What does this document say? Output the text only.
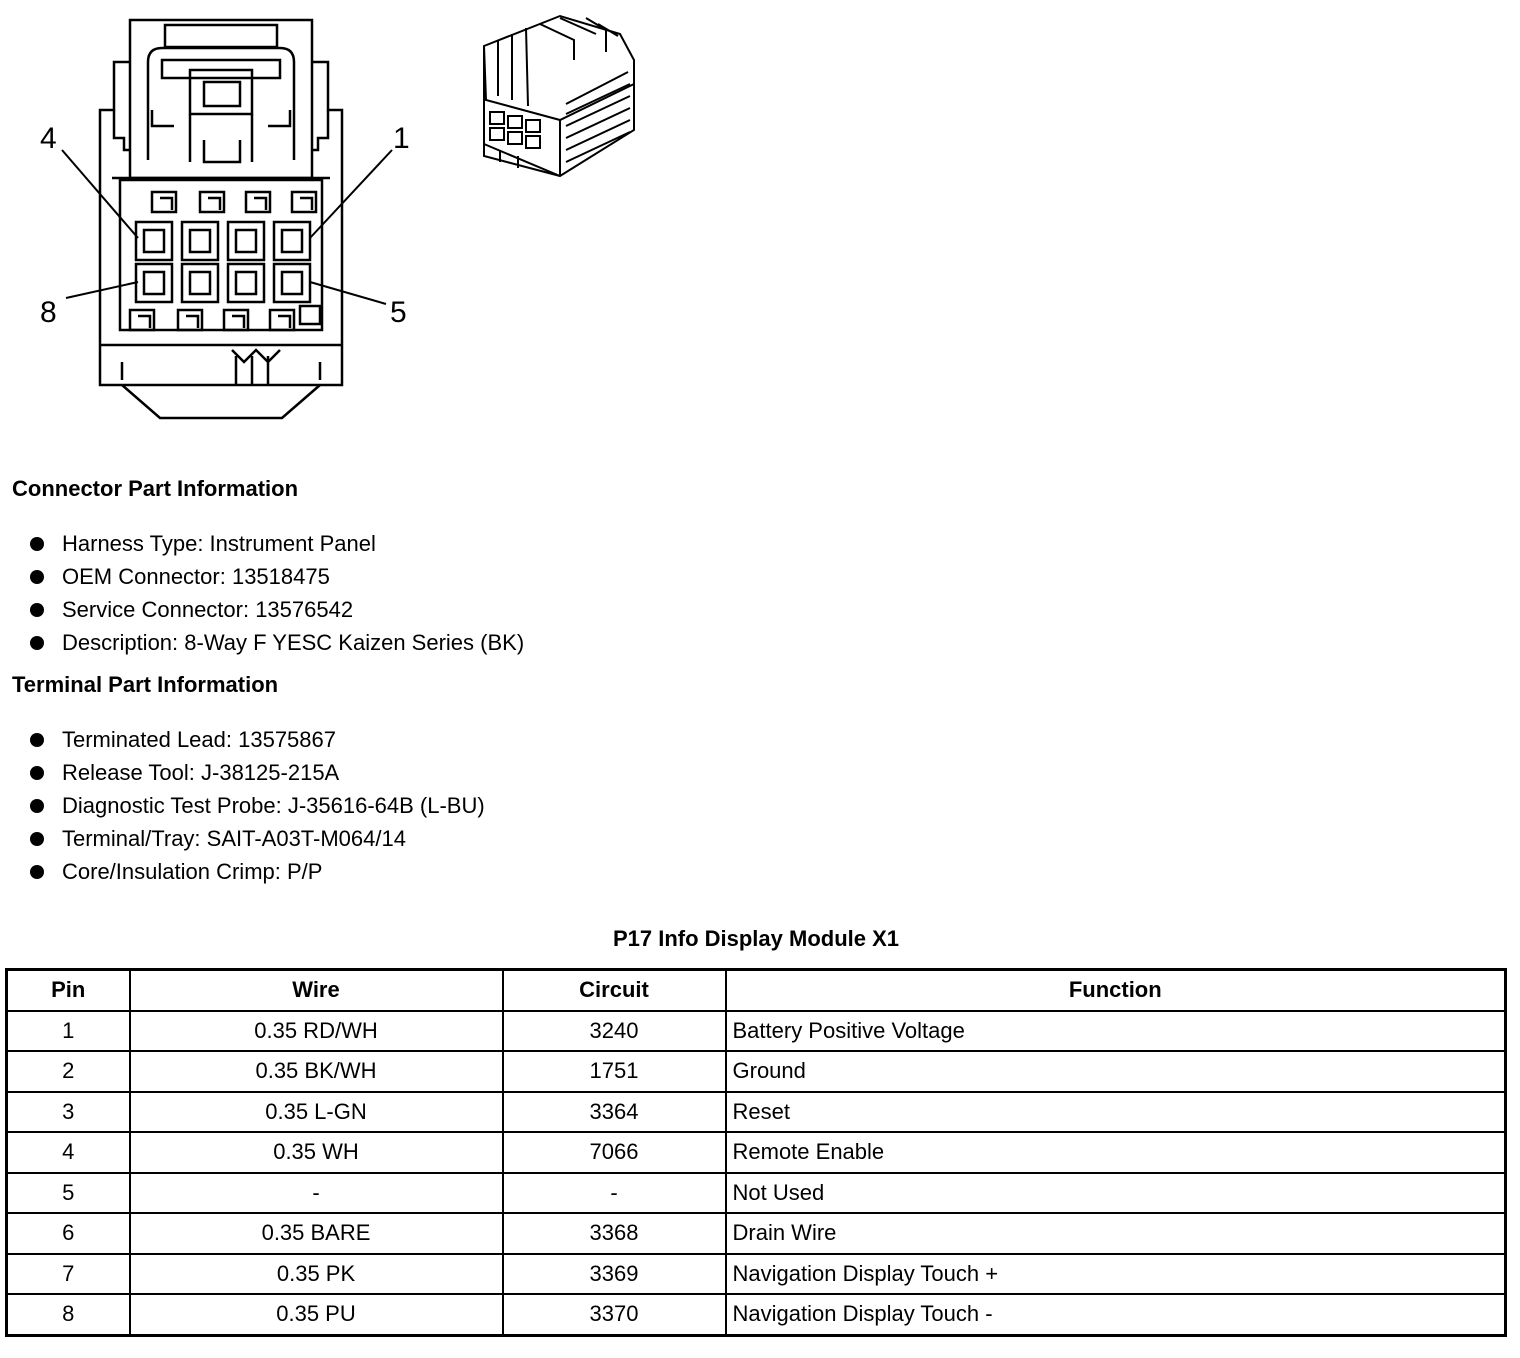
4	1
8	5
Connector Part Information
Harness Type: Instrument Panel
OEM Connector: 13518475
Service Connector: 13576542
Description: 8-Way F YESC Kaizen Series (BK)
Terminal Part Information
Terminated Lead: 13575867
Release Tool: J-38125-215A
Diagnostic Test Probe: J-35616-64B (L-BU)
Terminal/Tray: SAIT-A03T-M064/14
Core/Insulation Crimp: P/P
P17 Info Display Module X1
Pin	Wire	Circuit	Function
1	0.35 RD/WH	3240	Battery Positive Voltage
2	0.35 BK/WH	1751	Ground
3	0.35 L-GN	3364	Reset
4	0.35 WH	7066	Remote Enable
5	-	-	Not Used
6	0.35 BARE	3368	Drain Wire
7	0.35 PK	3369	Navigation Display Touch +
8	0.35 PU	3370	Navigation Display Touch -
